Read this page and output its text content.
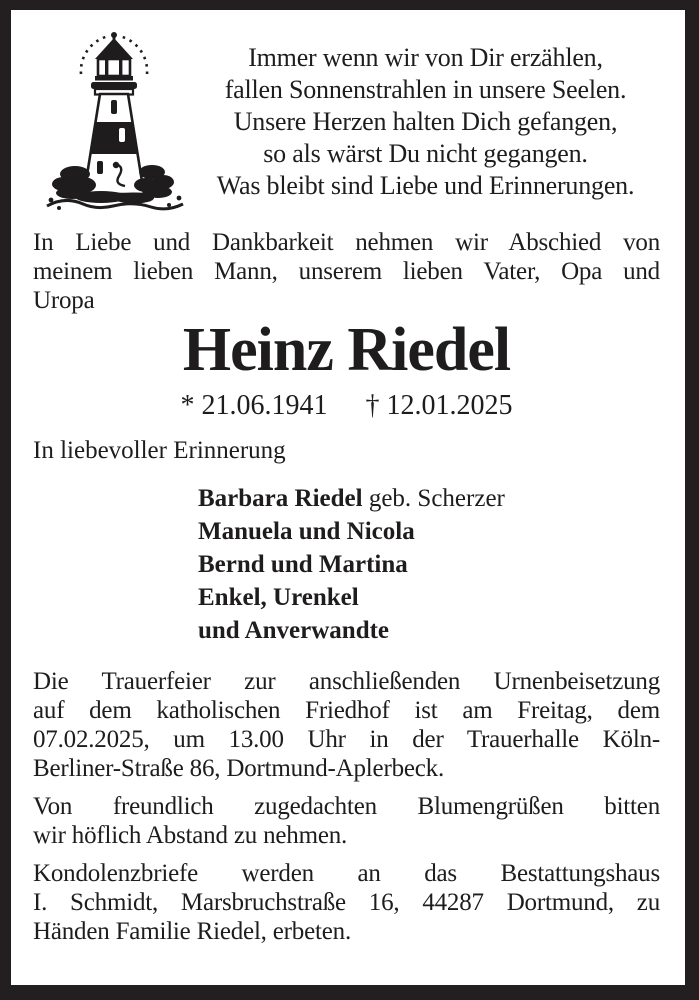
Immer wenn wir von Dir erzählen,
fallen Sonnenstrahlen in unsere Seelen.
Unsere Herzen halten Dich gefangen,
so als wärst Du nicht gegangen.
Was bleibt sind Liebe und Erinnerungen.
In Liebe und Dankbarkeit nehmen wir Abschied von
meinem lieben Mann, unserem lieben Vater, Opa und
Uropa
Heinz Riedel
* 21.06.1941 † 12.01.2025
In liebevoller Erinnerung
Barbara Riedel geb. Scherzer
Manuela und Nicola
Bernd und Martina
Enkel, Urenkel
und Anverwandte
Die Trauerfeier zur anschließenden Urnenbeisetzung
auf dem katholischen Friedhof ist am Freitag, dem
07.02.2025, um 13.00 Uhr in der Trauerhalle Köln-
Berliner-Straße 86, Dortmund-Aplerbeck.
Von freundlich zugedachten Blumengrüßen bitten
wir höflich Abstand zu nehmen.
Kondolenzbriefe werden an das Bestattungshaus
I. Schmidt, Marsbruchstraße 16, 44287 Dortmund, zu
Händen Familie Riedel, erbeten.
